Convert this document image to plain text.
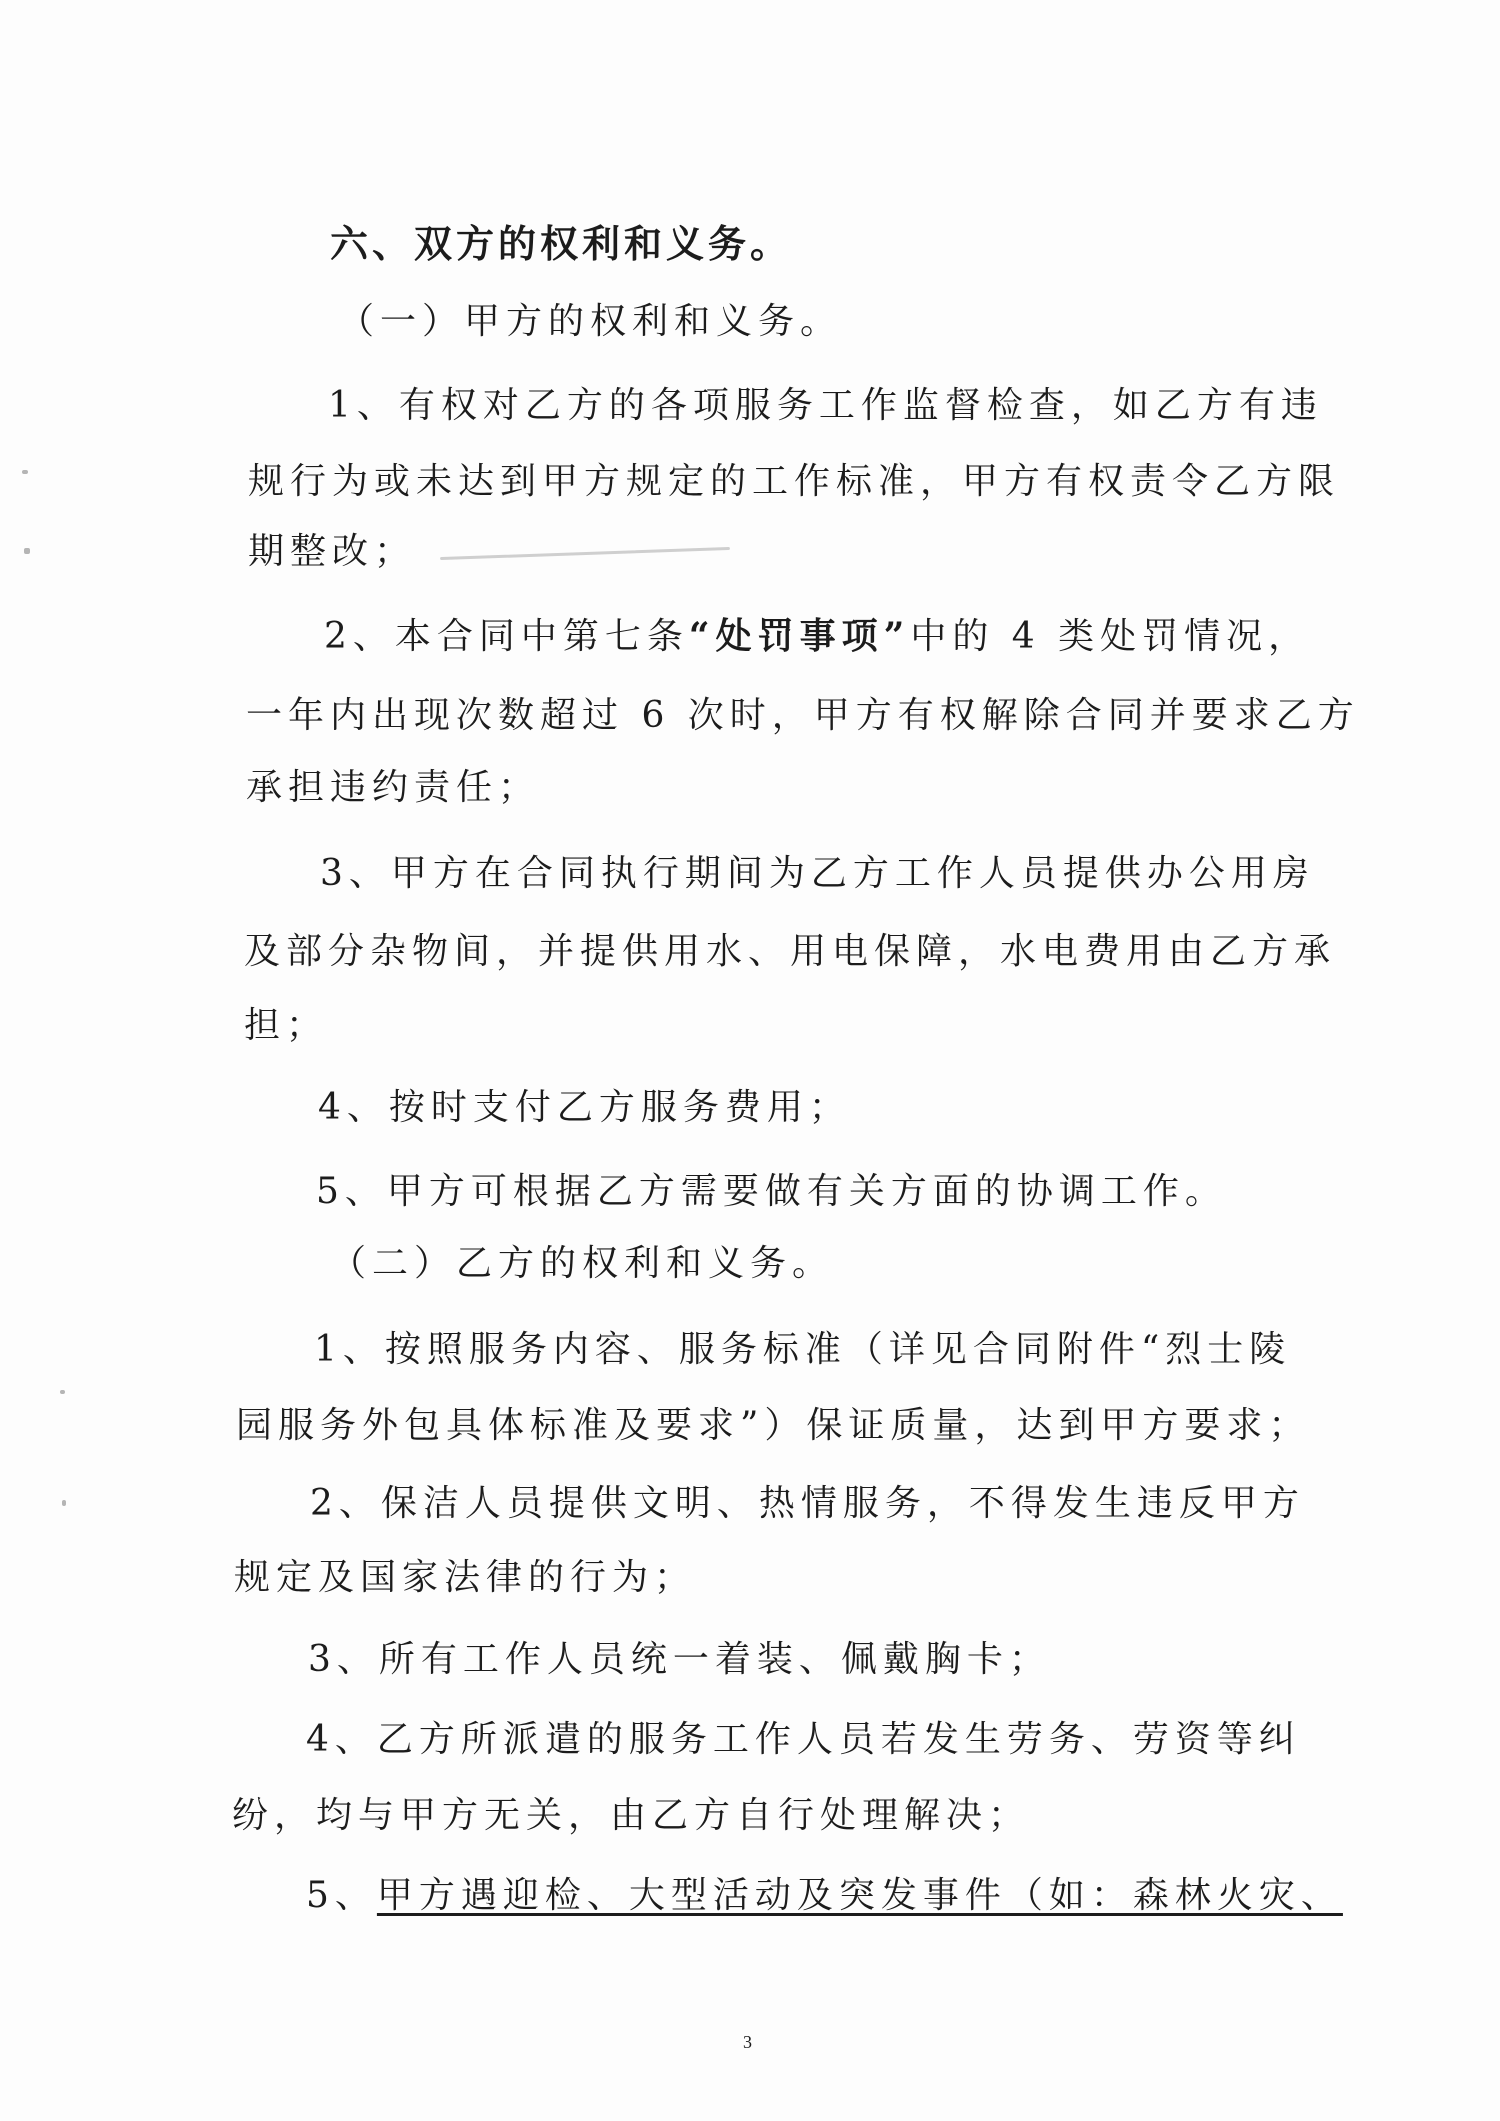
六、双方的权利和义务。
（一）甲方的权利和义务。
1、有权对乙方的各项服务工作监督检查，如乙方有违
规行为或未达到甲方规定的工作标准，甲方有权责令乙方限
期整改；
2、本合同中第七条“处罚事项”中的 4 类处罚情况，
一年内出现次数超过 6 次时，甲方有权解除合同并要求乙方
承担违约责任；
3、甲方在合同执行期间为乙方工作人员提供办公用房
及部分杂物间，并提供用水、用电保障，水电费用由乙方承
担；
4、按时支付乙方服务费用；
5、甲方可根据乙方需要做有关方面的协调工作。
（二）乙方的权利和义务。
1、按照服务内容、服务标准（详见合同附件“烈士陵
园服务外包具体标准及要求”）保证质量，达到甲方要求；
2、保洁人员提供文明、热情服务，不得发生违反甲方
规定及国家法律的行为；
3、所有工作人员统一着装、佩戴胸卡；
4、乙方所派遣的服务工作人员若发生劳务、劳资等纠
纷，均与甲方无关，由乙方自行处理解决；
5、甲方遇迎检、大型活动及突发事件（如：森林火灾、
3
